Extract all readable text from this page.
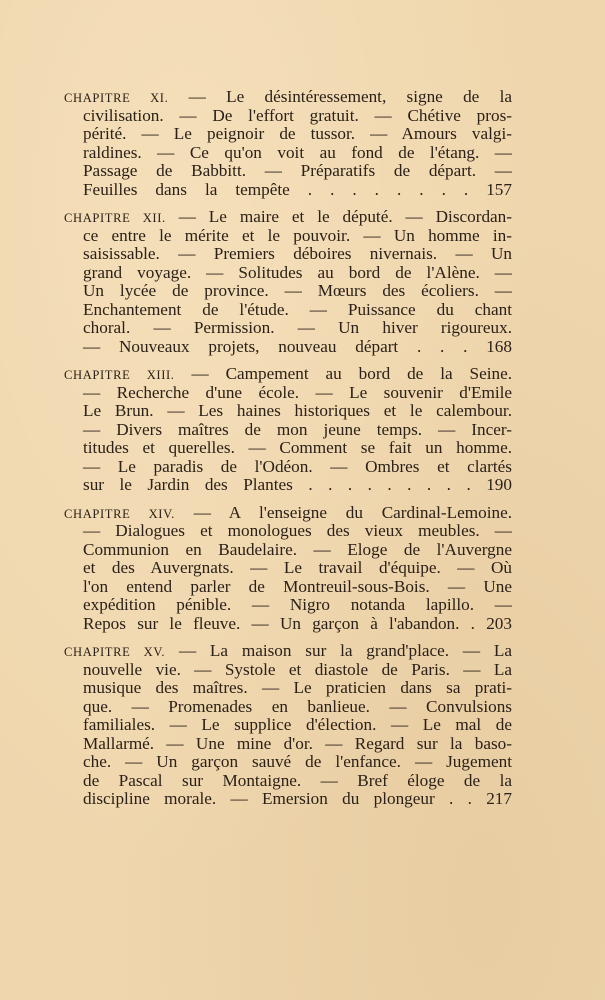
CHAPITRE XI. — Le désintéressement, signe de la
civilisation. — De l'effort gratuit. — Chétive pros-
périté. — Le peignoir de tussor. — Amours valgi-
raldines. — Ce qu'on voit au fond de l'étang. —
Passage de Babbitt. — Préparatifs de départ. —
Feuilles dans la tempête . . . . . . . . 157
CHAPITRE XII. — Le maire et le député. — Discordan-
ce entre le mérite et le pouvoir. — Un homme in-
saisissable. — Premiers déboires nivernais. — Un
grand voyage. — Solitudes au bord de l'Alène. —
Un lycée de province. — Mœurs des écoliers. —
Enchantement de l'étude. — Puissance du chant
choral. — Permission. — Un hiver rigoureux.
— Nouveaux projets, nouveau départ . . . 168
CHAPITRE XIII. — Campement au bord de la Seine.
— Recherche d'une école. — Le souvenir d'Emile
Le Brun. — Les haines historiques et le calembour.
— Divers maîtres de mon jeune temps. — Incer-
titudes et querelles. — Comment se fait un homme.
— Le paradis de l'Odéon. — Ombres et clartés
sur le Jardin des Plantes . . . . . . . . . 190
CHAPITRE XIV. — A l'enseigne du Cardinal-Lemoine.
— Dialogues et monologues des vieux meubles. —
Communion en Baudelaire. — Eloge de l'Auvergne
et des Auvergnats. — Le travail d'équipe. — Où
l'on entend parler de Montreuil-sous-Bois. — Une
expédition pénible. — Nigro notanda lapillo. —
Repos sur le fleuve. — Un garçon à l'abandon. . 203
CHAPITRE XV. — La maison sur la grand'place. — La
nouvelle vie. — Systole et diastole de Paris. — La
musique des maîtres. — Le praticien dans sa prati-
que. — Promenades en banlieue. — Convulsions
familiales. — Le supplice d'élection. — Le mal de
Mallarmé. — Une mine d'or. — Regard sur la baso-
che. — Un garçon sauvé de l'enfance. — Jugement
de Pascal sur Montaigne. — Bref éloge de la
discipline morale. — Emersion du plongeur . . 217
